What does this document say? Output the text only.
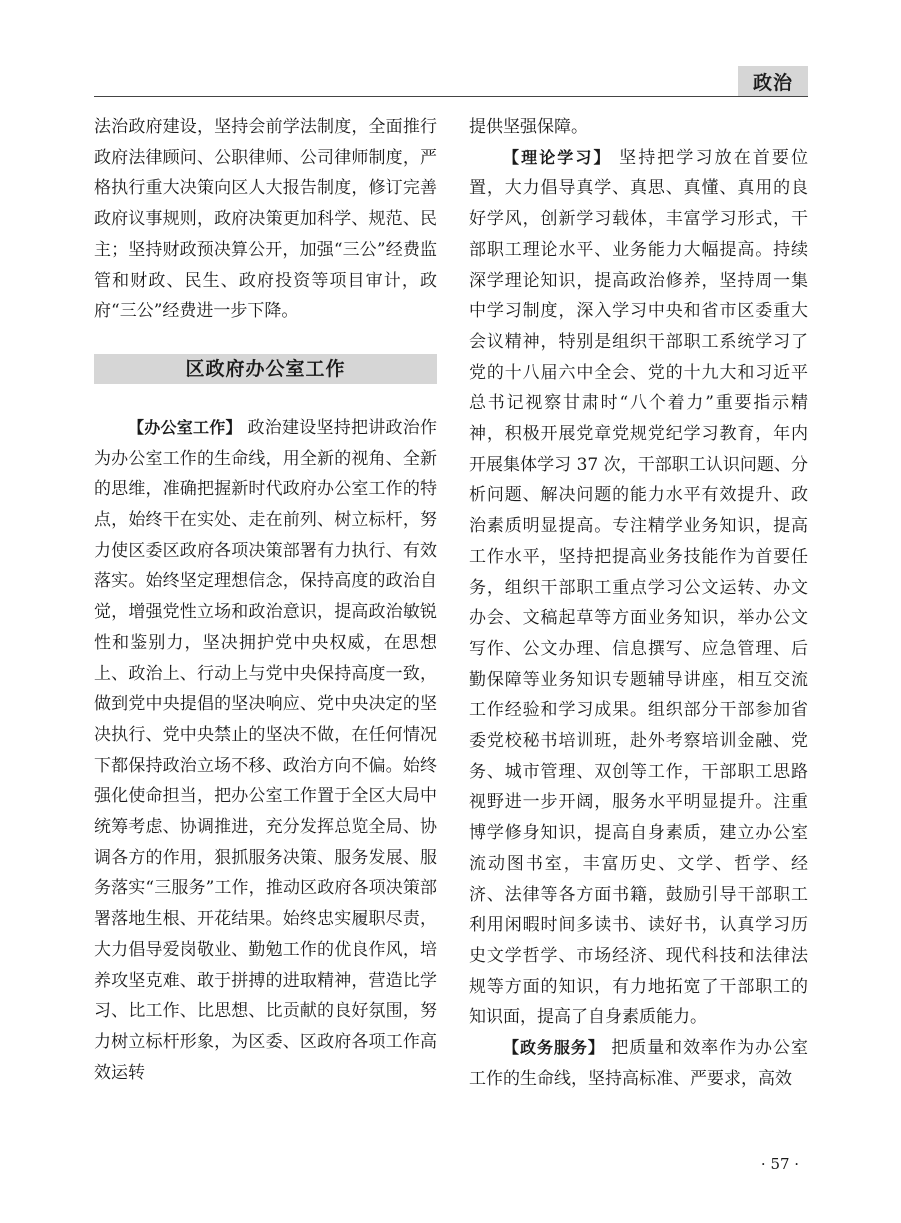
政治

法治政府建设，坚持会前学法制度，全面推行政府法律顾问、公职律师、公司律师制度，严格执行重大决策向区人大报告制度，修订完善政府议事规则，政府决策更加科学、规范、民主；坚持财政预决算公开，加强“三公”经费监管和财政、民生、政府投资等项目审计，政府“三公”经费进一步下降。

区政府办公室工作

【办公室工作】 政治建设坚持把讲政治作为办公室工作的生命线，用全新的视角、全新的思维，准确把握新时代政府办公室工作的特点，始终干在实处、走在前列、树立标杆，努力使区委区政府各项决策部署有力执行、有效落实。始终坚定理想信念，保持高度的政治自觉，增强党性立场和政治意识，提高政治敏锐性和鉴别力，坚决拥护党中央权威，在思想上、政治上、行动上与党中央保持高度一致，做到党中央提倡的坚决响应、党中央决定的坚决执行、党中央禁止的坚决不做，在任何情况下都保持政治立场不移、政治方向不偏。始终强化使命担当，把办公室工作置于全区大局中统筹考虑、协调推进，充分发挥总览全局、协调各方的作用，狠抓服务决策、服务发展、服务落实“三服务”工作，推动区政府各项决策部署落地生根、开花结果。始终忠实履职尽责，大力倡导爱岗敬业、勤勉工作的优良作风，培养攻坚克难、敢于拼搏的进取精神，营造比学习、比工作、比思想、比贡献的良好氛围，努力树立标杆形象，为区委、区政府各项工作高效运转

提供坚强保障。

【理论学习】 坚持把学习放在首要位置，大力倡导真学、真思、真懂、真用的良好学风，创新学习载体，丰富学习形式，干部职工理论水平、业务能力大幅提高。持续深学理论知识，提高政治修养，坚持周一集中学习制度，深入学习中央和省市区委重大会议精神，特别是组织干部职工系统学习了党的十八届六中全会、党的十九大和习近平总书记视察甘肃时“八个着力”重要指示精神，积极开展党章党规党纪学习教育，年内开展集体学习 37 次，干部职工认识问题、分析问题、解决问题的能力水平有效提升、政治素质明显提高。专注精学业务知识，提高工作水平，坚持把提高业务技能作为首要任务，组织干部职工重点学习公文运转、办文办会、文稿起草等方面业务知识，举办公文写作、公文办理、信息撰写、应急管理、后勤保障等业务知识专题辅导讲座，相互交流工作经验和学习成果。组织部分干部参加省委党校秘书培训班，赴外考察培训金融、党务、城市管理、双创等工作，干部职工思路视野进一步开阔，服务水平明显提升。注重博学修身知识，提高自身素质，建立办公室流动图书室，丰富历史、文学、哲学、经济、法律等各方面书籍，鼓励引导干部职工利用闲暇时间多读书、读好书，认真学习历史文学哲学、市场经济、现代科技和法律法规等方面的知识，有力地拓宽了干部职工的知识面，提高了自身素质能力。

【政务服务】 把质量和效率作为办公室工作的生命线，坚持高标准、严要求，高效

· 57 ·
